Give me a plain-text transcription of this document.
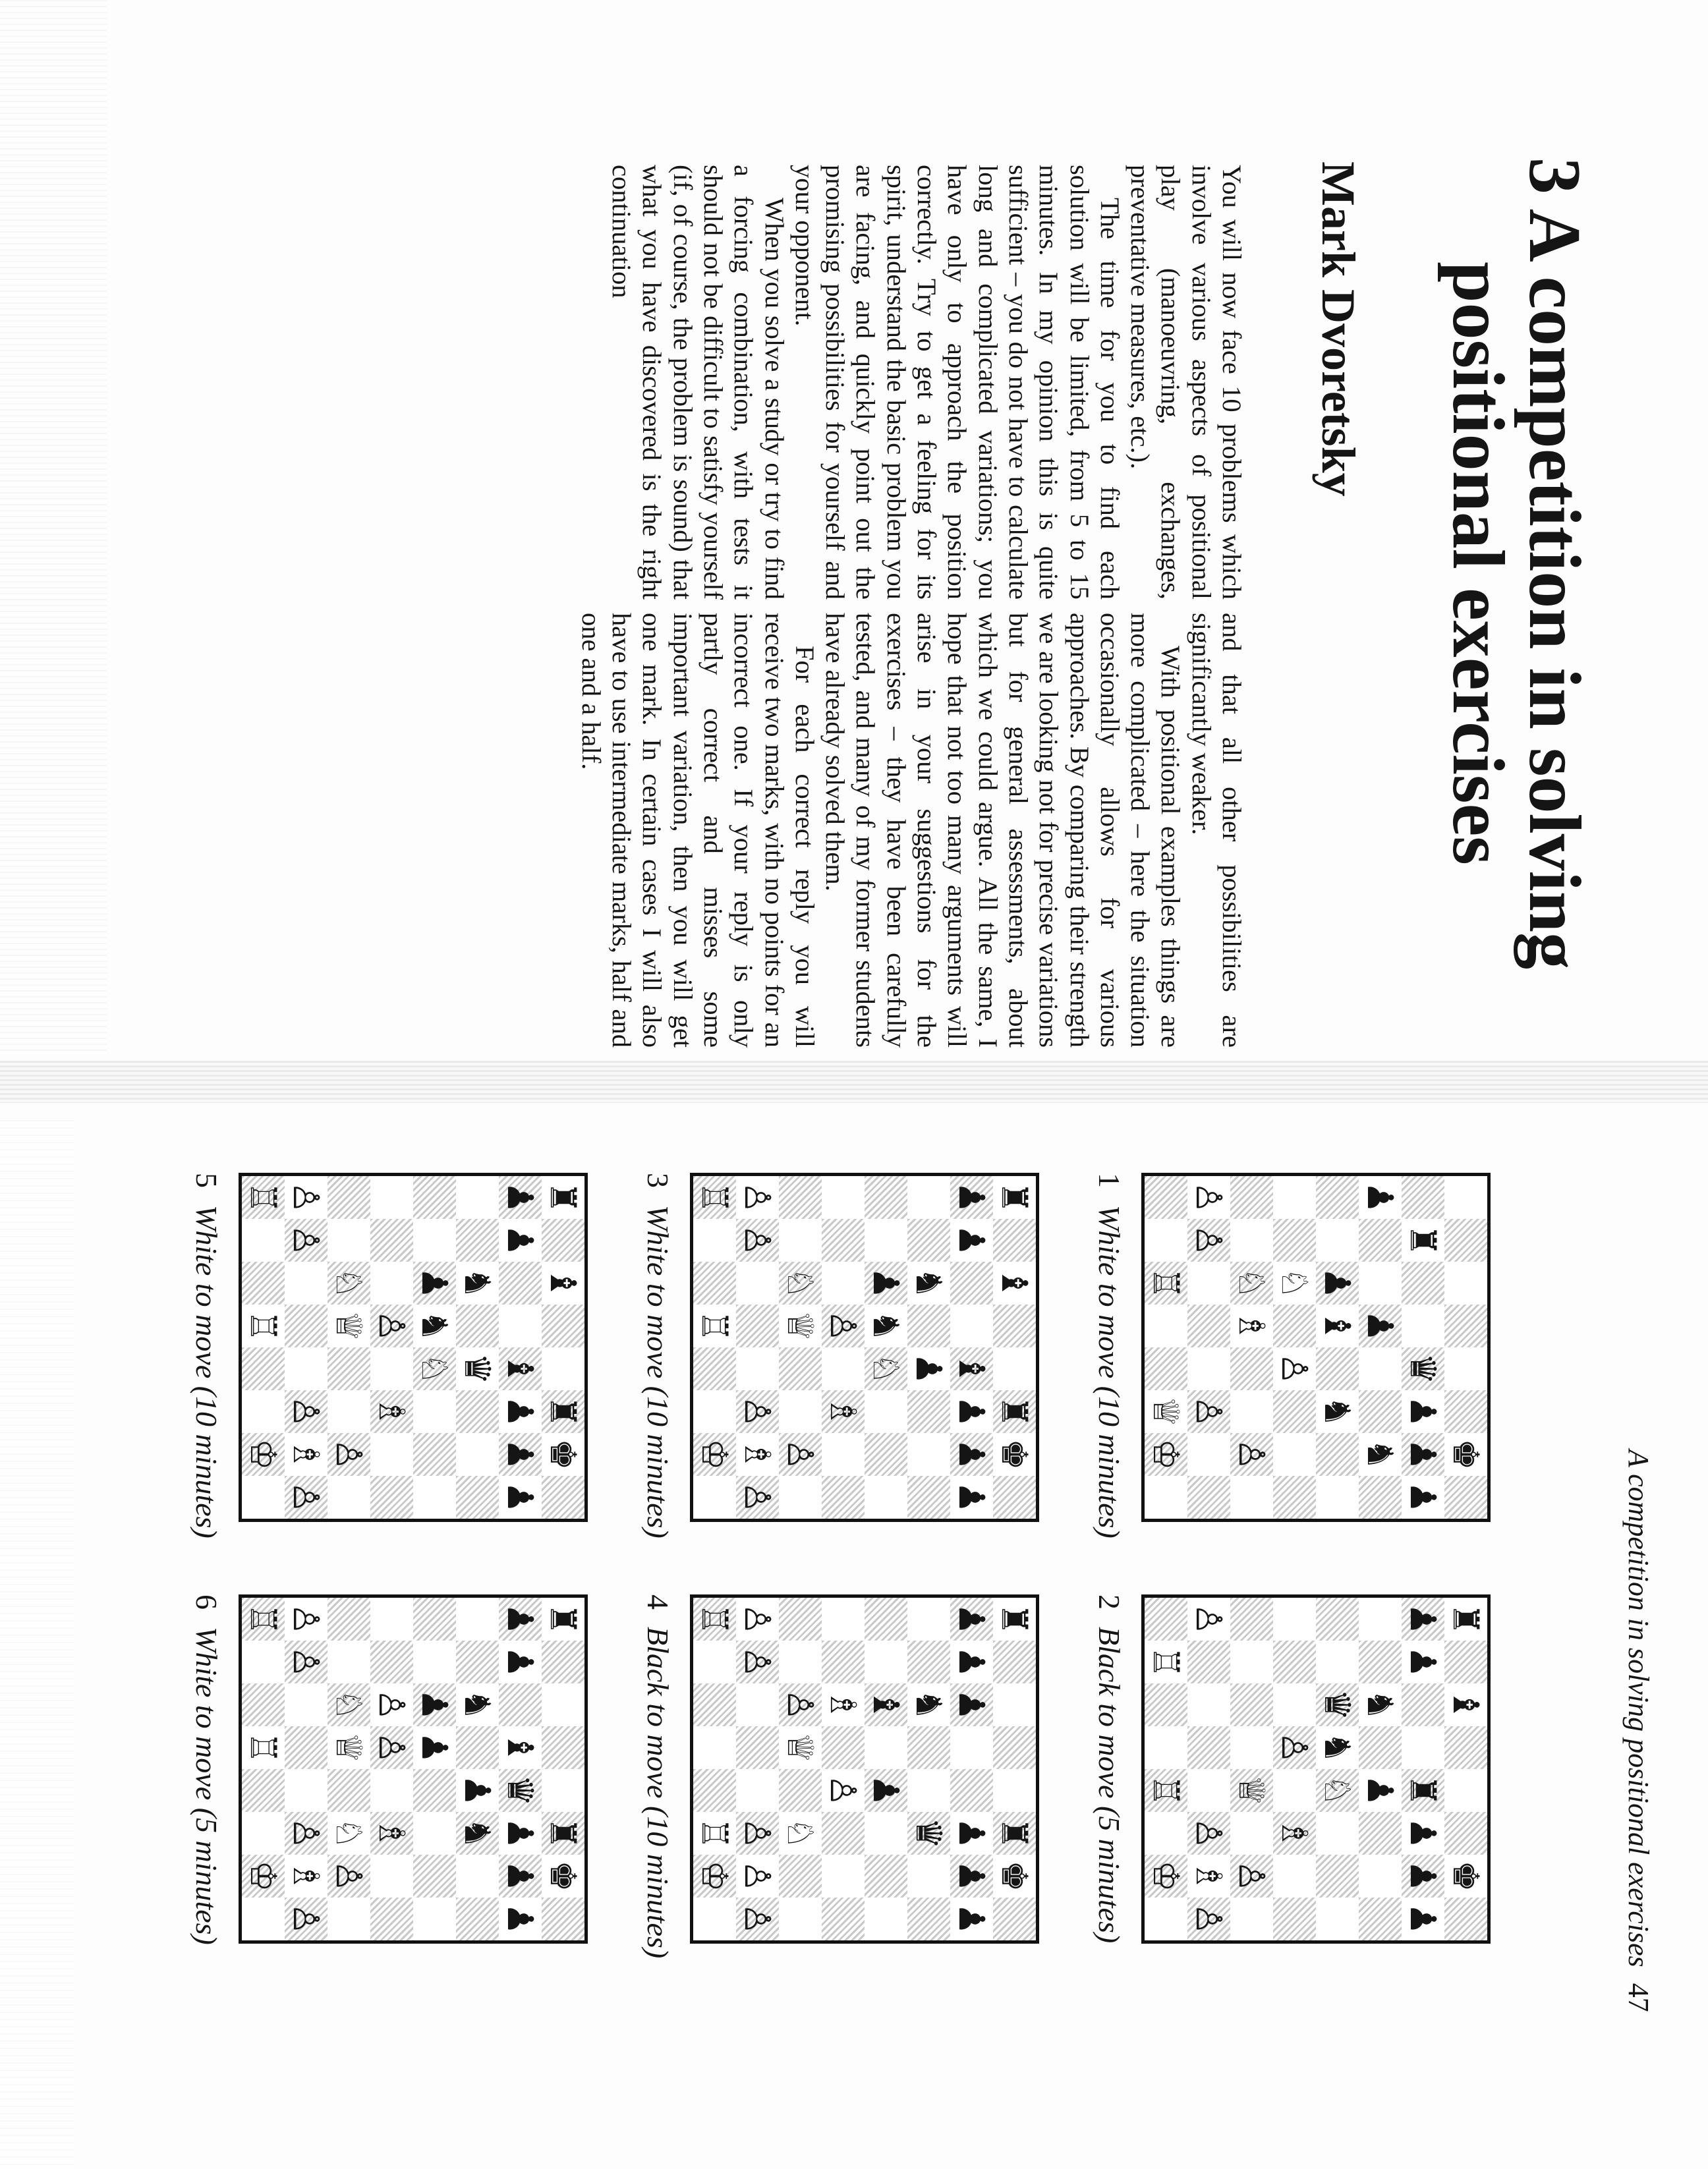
3 A competition in solving
positional exercises
Mark Dvoretsky

You will now face 10 problems which involve various aspects of positional play (manoeuvring, exchanges, preventative measures, etc.).

The time for you to find each solution will be limited, from 5 to 15 minutes. In my opinion this is quite sufficient – you do not have to calculate long and complicated variations; you have only to approach the position correctly. Try to get a feeling for its spirit, understand the basic problem you are facing, and quickly point out the promising possibilities for yourself and your opponent.

When you solve a study or try to find a forcing combination, with tests it should not be difficult to satisfy yourself (if, of course, the problem is sound) that what you have discovered is the right continuation

and that all other possibilities are significantly weaker.

With positional examples things are more complicated – here the situation occasionally allows for various approaches. By comparing their strength we are looking not for precise variations but for general assessments, about which we could argue. All the same, I hope that not too many arguments will arise in your suggestions for the exercises – they have been carefully tested, and many of my former students have already solved them.

For each correct reply you will receive two marks, with no points for an incorrect one. If your reply is only partly correct and misses some important variation, then you will get one mark. In certain cases I will also have to use intermediate marks, half and one and a half.

A competition in solving positional exercises47
♚
♜
♛
♟
♟
♟
♟
♟
♞
♟
♝
♞
♘
♙
♘
♗
♙
♙
♙
♙
♖
♕
♔
1White to move (10 minutes)
♜
♝
♜
♚
♟
♟
♝
♟
♟
♟
♞
♟
♟
♞
♘
♙
♗
♘
♕
♙
♙
♙
♙
♗
♙
♖
♖
♔
3White to move (10 minutes)
♜
♝
♜
♚
♟
♟
♝
♟
♟
♟
♞
♛
♟
♞
♘
♙
♗
♘
♕
♙
♙
♙
♙
♗
♙
♖
♖
♔
5White to move (10 minutes)
♜
♝
♚
♟
♟
♜
♟
♟
♟
♞
♟
♛
♞
♘
♙
♗
♕
♙
♙
♙
♗
♙
♖
♖
♔
2Black to move (5 minutes)
♜
♜
♚
♟
♟
♟
♟
♟
♟
♞
♛
♝
♟
♗
♙
♙
♕
♘
♙
♙
♙
♙
♙
♖
♖
♔
4Black to move (10 minutes)
♜
♜
♚
♟
♟
♝
♛
♟
♟
♟
♞
♟
♞
♟
♟
♙
♙
♗
♘
♕
♘
♙
♙
♙
♙
♗
♙
♖
♖
♔
6White to move (5 minutes)
